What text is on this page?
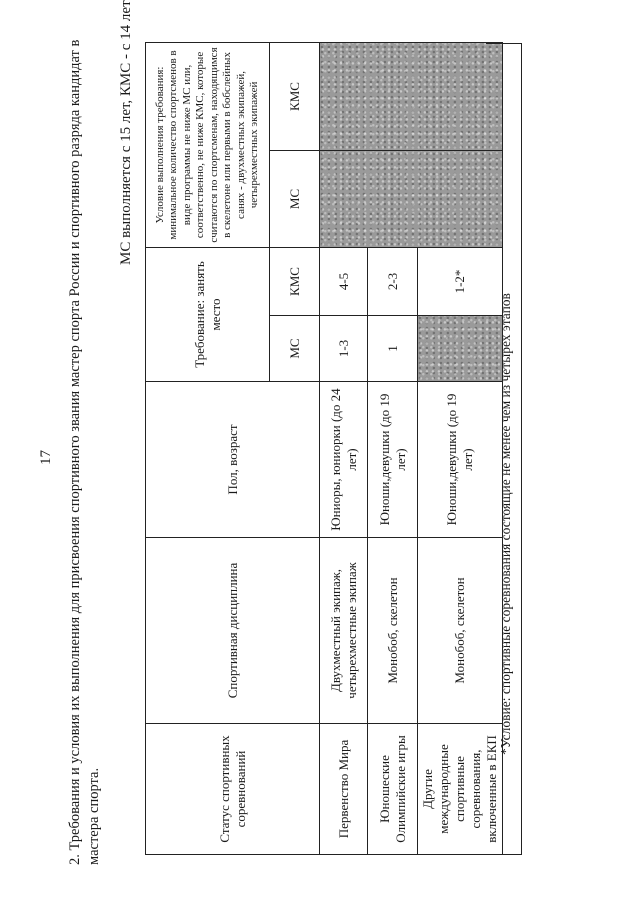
17 2. Требования и условия их выполнения для присвоения спортивного звания мастер спорта России и спортивного разряда кандидат в мастера спорта.
МС выполняется с 15 лет, КМС - с 14 лет
Статус спортивных соревнований	Спортивная дисциплина	Пол, возраст	Требование: занять место		Условие выполнения требования: минимальное количество спортсменов в виде программы не ниже МС или, соответственно, не ниже КМС, которые считаются по спортсменам, находящимся в скелетоне или первыми в бобслейных санях - двухместных экипажей, четырехместных экипажей	
			МС	КМС	МС	КМС
Первенство Мира	Двухместный экипаж, четырехместные экипаж	Юниоры, юниорки (до 24 лет)	1-3	4-5		
Юношеские Олимпийские игры	Монобоб, скелетон	Юноши,девушки (до 19 лет)	1	2-3		
Другие международные спортивные соревнования, включенные в ЕКП	Монобоб, скелетон	Юноши,девушки (до 19 лет)		1-2*		
*Условие: спортивные соревнования состоящие не менее чем из четырех этапов
